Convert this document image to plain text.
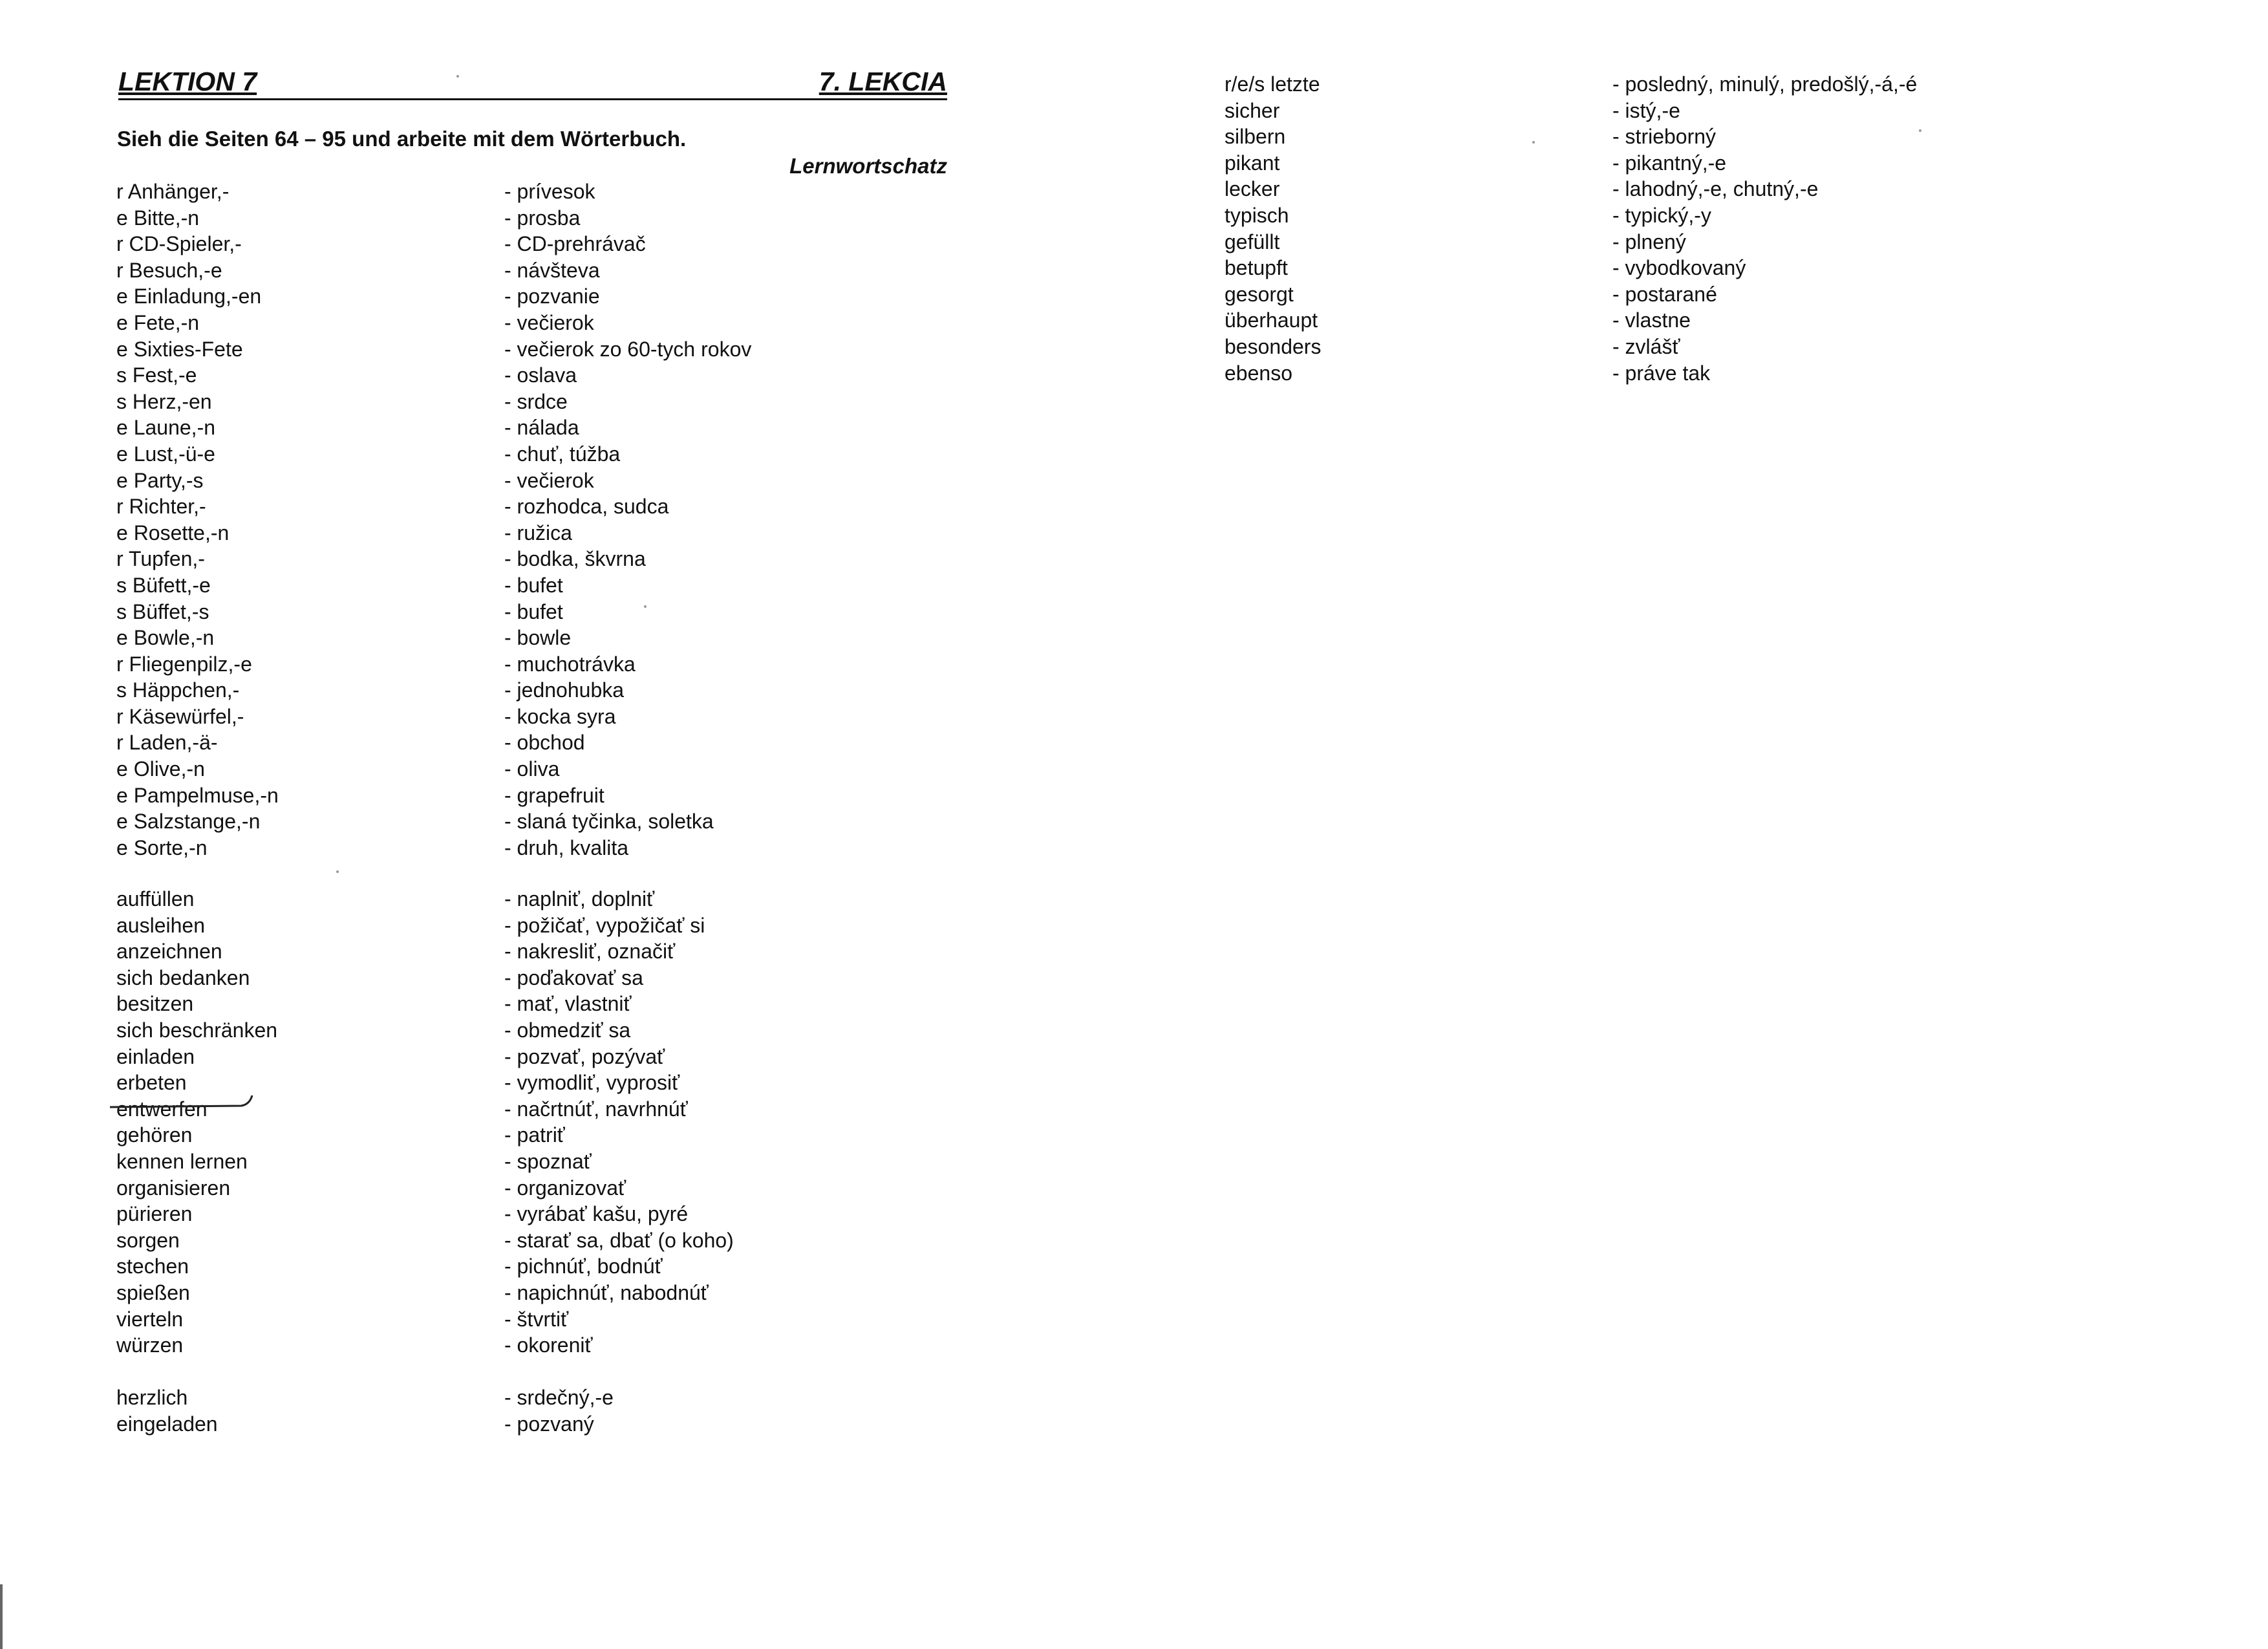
LEKTION 7	7. LEKCIA
Sieh die Seiten 64 – 95 und arbeite mit dem Wörterbuch.
Lernwortschatz
r Anhänger,-	- prívesok
e Bitte,-n	- prosba
r CD-Spieler,-	- CD-prehrávač
r Besuch,-e	- návšteva
e Einladung,-en	- pozvanie
e Fete,-n	- večierok
e Sixties-Fete	- večierok zo 60-tych rokov
s Fest,-e	- oslava
s Herz,-en	- srdce
e Laune,-n	- nálada
e Lust,-ü-e	- chuť, túžba
e Party,-s	- večierok
r Richter,-	- rozhodca, sudca
e Rosette,-n	- ružica
r Tupfen,-	- bodka, škvrna
s Büfett,-e	- bufet
s Büffet,-s	- bufet
e Bowle,-n	- bowle
r Fliegenpilz,-e	- muchotrávka
s Häppchen,-	- jednohubka
r Käsewürfel,-	- kocka syra
r Laden,-ä-	- obchod
e Olive,-n	- oliva
e Pampelmuse,-n	- grapefruit
e Salzstange,-n	- slaná tyčinka, soletka
e Sorte,-n	- druh, kvalita
auffüllen	- naplniť, doplniť
ausleihen	- požičať, vypožičať si
anzeichnen	- nakresliť, označiť
sich bedanken	- poďakovať sa
besitzen	- mať, vlastniť
sich beschränken	- obmedziť sa
einladen	- pozvať, pozývať
erbeten	- vymodliť, vyprosiť
entwerfen	- načrtnúť, navrhnúť
gehören	- patriť
kennen lernen	- spoznať
organisieren	- organizovať
pürieren	- vyrábať kašu, pyré
sorgen	- starať sa, dbať (o koho)
stechen	- pichnúť, bodnúť
spießen	- napichnúť, nabodnúť
vierteln	- štvrtiť
würzen	- okoreniť
herzlich	- srdečný,-e
eingeladen	- pozvaný
r/e/s letzte	- posledný, minulý, predošlý,-á,-é
sicher	- istý,-e
silbern	- strieborný
pikant	- pikantný,-e
lecker	- lahodný,-e, chutný,-e
typisch	- typický,-y
gefüllt	- plnený
betupft	- vybodkovaný
gesorgt	- postarané
überhaupt	- vlastne
besonders	- zvlášť
ebenso	- práve tak
